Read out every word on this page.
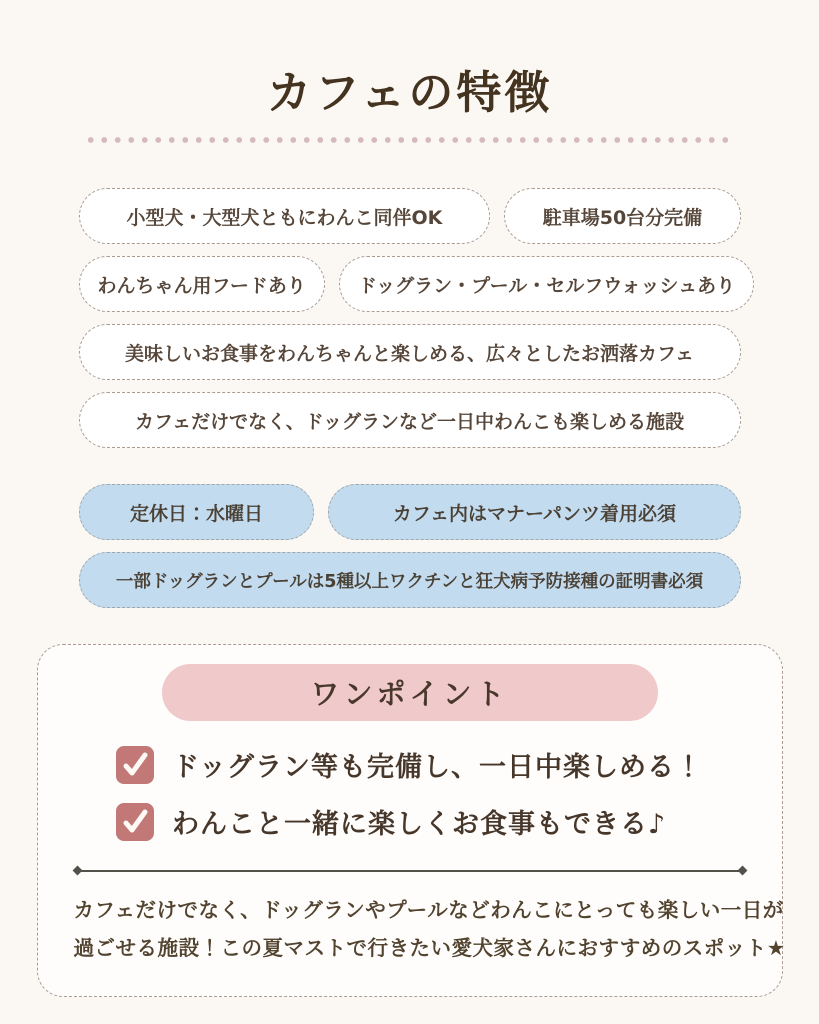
カフェの特徴
小型犬・大型犬ともにわんこ同伴OK	駐車場50台分完備
わんちゃん用フードあり	ドッグラン・プール・セルフウォッシュあり
美味しいお食事をわんちゃんと楽しめる、広々としたお洒落カフェ
カフェだけでなく、ドッグランなど一日中わんこも楽しめる施設
定休日：水曜日	カフェ内はマナーパンツ着用必須
一部ドッグランとプールは5種以上ワクチンと狂犬病予防接種の証明書必須
ワンポイント
ドッグラン等も完備し、一日中楽しめる！
わんこと一緒に楽しくお食事もできる♪

カフェだけでなく、ドッグランやプールなどわんこにとっても楽しい一日が
過ごせる施設！この夏マストで行きたい愛犬家さんにおすすめのスポット★
